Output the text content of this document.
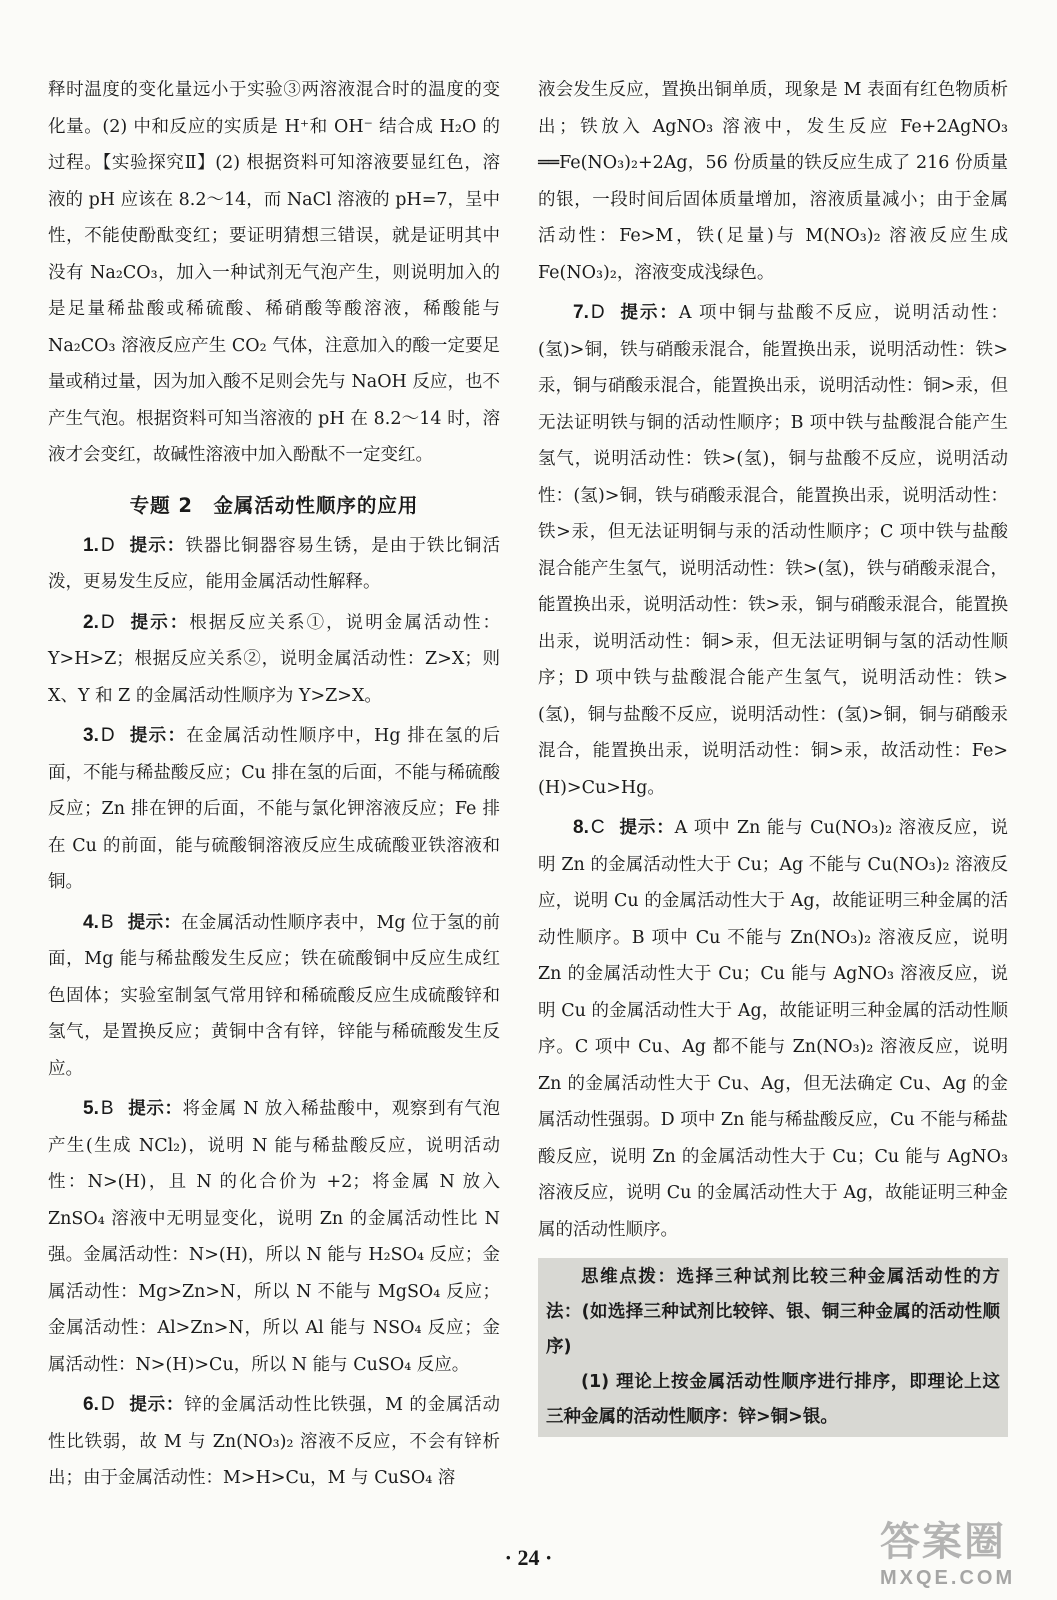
释时温度的变化量远小于实验③两溶液混合时的温度的变化量。(2) 中和反应的实质是 H⁺和 OH⁻ 结合成 H₂O 的过程。【实验探究Ⅱ】(2) 根据资料可知溶液要显红色，溶液的 pH 应该在 8.2～14，而 NaCl 溶液的 pH=7，呈中性，不能使酚酞变红；要证明猜想三错误，就是证明其中没有 Na₂CO₃，加入一种试剂无气泡产生，则说明加入的是足量稀盐酸或稀硫酸、稀硝酸等酸溶液，稀酸能与 Na₂CO₃ 溶液反应产生 CO₂ 气体，注意加入的酸一定要足量或稍过量，因为加入酸不足则会先与 NaOH 反应，也不产生气泡。根据资料可知当溶液的 pH 在 8.2～14 时，溶液才会变红，故碱性溶液中加入酚酞不一定变红。

专题 2　金属活动性顺序的应用

1. D 提示：铁器比铜器容易生锈，是由于铁比铜活泼，更易发生反应，能用金属活动性解释。

2. D 提示：根据反应关系①，说明金属活动性：Y>H>Z；根据反应关系②，说明金属活动性：Z>X；则 X、Y 和 Z 的金属活动性顺序为 Y>Z>X。

3. D 提示：在金属活动性顺序中，Hg 排在氢的后面，不能与稀盐酸反应；Cu 排在氢的后面，不能与稀硫酸反应；Zn 排在钾的后面，不能与氯化钾溶液反应；Fe 排在 Cu 的前面，能与硫酸铜溶液反应生成硫酸亚铁溶液和铜。

4. B 提示：在金属活动性顺序表中，Mg 位于氢的前面，Mg 能与稀盐酸发生反应；铁在硫酸铜中反应生成红色固体；实验室制氢气常用锌和稀硫酸反应生成硫酸锌和氢气，是置换反应；黄铜中含有锌，锌能与稀硫酸发生反应。

5. B 提示：将金属 N 放入稀盐酸中，观察到有气泡产生(生成 NCl₂)，说明 N 能与稀盐酸反应，说明活动性：N>(H)，且 N 的化合价为 +2；将金属 N 放入 ZnSO₄ 溶液中无明显变化，说明 Zn 的金属活动性比 N 强。金属活动性：N>(H)，所以 N 能与 H₂SO₄ 反应；金属活动性：Mg>Zn>N，所以 N 不能与 MgSO₄ 反应；金属活动性：Al>Zn>N，所以 Al 能与 NSO₄ 反应；金属活动性：N>(H)>Cu，所以 N 能与 CuSO₄ 反应。

6. D 提示：锌的金属活动性比铁强，M 的金属活动性比铁弱，故 M 与 Zn(NO₃)₂ 溶液不反应，不会有锌析出；由于金属活动性：M>H>Cu，M 与 CuSO₄ 溶

液会发生反应，置换出铜单质，现象是 M 表面有红色物质析出；铁放入 AgNO₃ 溶液中，发生反应 Fe+2AgNO₃ ══Fe(NO₃)₂+2Ag，56 份质量的铁反应生成了 216 份质量的银，一段时间后固体质量增加，溶液质量减小；由于金属活动性：Fe>M，铁(足量)与 M(NO₃)₂ 溶液反应生成 Fe(NO₃)₂，溶液变成浅绿色。

7. D 提示：A 项中铜与盐酸不反应，说明活动性：(氢)>铜，铁与硝酸汞混合，能置换出汞，说明活动性：铁>汞，铜与硝酸汞混合，能置换出汞，说明活动性：铜>汞，但无法证明铁与铜的活动性顺序；B 项中铁与盐酸混合能产生氢气，说明活动性：铁>(氢)，铜与盐酸不反应，说明活动性：(氢)>铜，铁与硝酸汞混合，能置换出汞，说明活动性：铁>汞，但无法证明铜与汞的活动性顺序；C 项中铁与盐酸混合能产生氢气，说明活动性：铁>(氢)，铁与硝酸汞混合，能置换出汞，说明活动性：铁>汞，铜与硝酸汞混合，能置换出汞，说明活动性：铜>汞，但无法证明铜与氢的活动性顺序；D 项中铁与盐酸混合能产生氢气，说明活动性：铁>(氢)，铜与盐酸不反应，说明活动性：(氢)>铜，铜与硝酸汞混合，能置换出汞，说明活动性：铜>汞，故活动性：Fe>(H)>Cu>Hg。

8. C 提示：A 项中 Zn 能与 Cu(NO₃)₂ 溶液反应，说明 Zn 的金属活动性大于 Cu；Ag 不能与 Cu(NO₃)₂ 溶液反应，说明 Cu 的金属活动性大于 Ag，故能证明三种金属的活动性顺序。B 项中 Cu 不能与 Zn(NO₃)₂ 溶液反应，说明 Zn 的金属活动性大于 Cu；Cu 能与 AgNO₃ 溶液反应，说明 Cu 的金属活动性大于 Ag，故能证明三种金属的活动性顺序。C 项中 Cu、Ag 都不能与 Zn(NO₃)₂ 溶液反应，说明 Zn 的金属活动性大于 Cu、Ag，但无法确定 Cu、Ag 的金属活动性强弱。D 项中 Zn 能与稀盐酸反应，Cu 不能与稀盐酸反应，说明 Zn 的金属活动性大于 Cu；Cu 能与 AgNO₃ 溶液反应，说明 Cu 的金属活动性大于 Ag，故能证明三种金属的活动性顺序。

思维点拨：选择三种试剂比较三种金属活动性的方法：(如选择三种试剂比较锌、银、铜三种金属的活动性顺序)

(1) 理论上按金属活动性顺序进行排序，即理论上这三种金属的活动性顺序：锌>铜>银。

· 24 ·	答案圈
MXQE.COM
